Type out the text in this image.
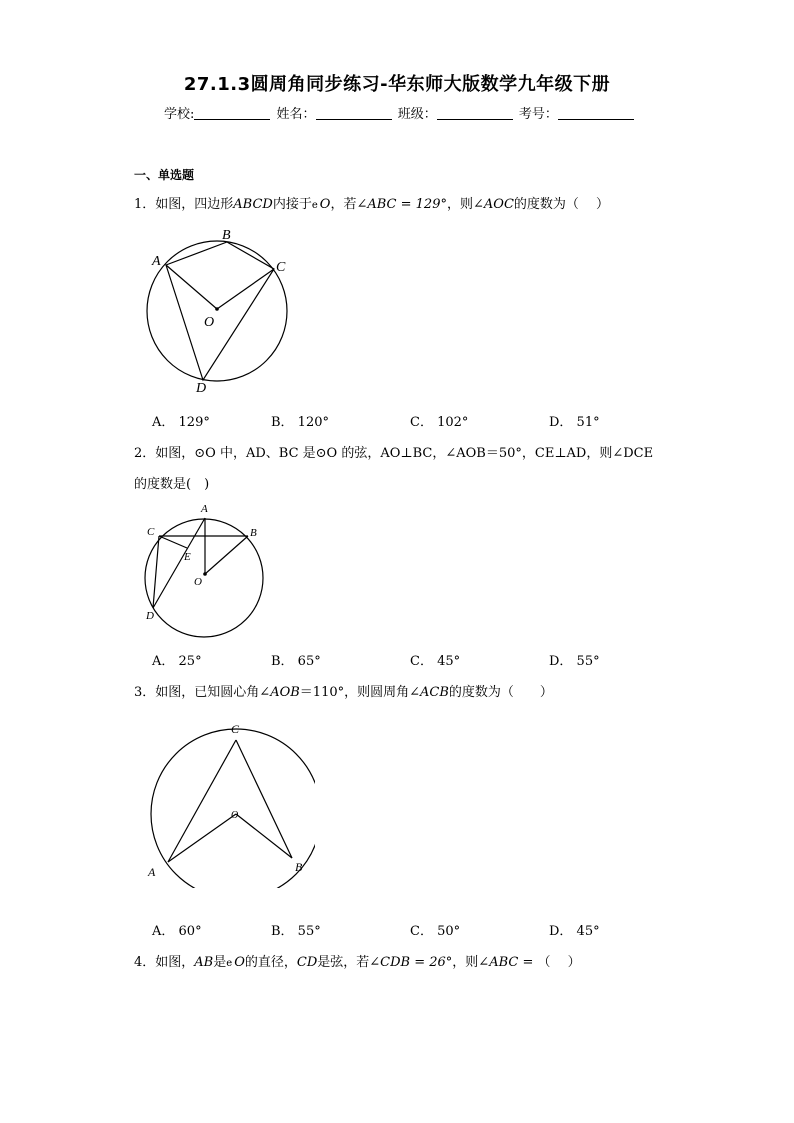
27.1.3圆周角同步练习-华东师大版数学九年级下册
学校:	姓名：	班级：	考号：
一、单选题
1．如图，四边形ABCD内接于e O，若∠ABC = 129°，则∠AOC的度数为（　 ）
A
B
C
D
O
A． 129°	B． 120°	C． 102°	D． 51°
2．如图，⊙O 中，AD、BC 是⊙O 的弦，AO⊥BC，∠AOB＝50°，CE⊥AD，则∠DCE
的度数是(　)
A
B
C
D
E
O
A． 25°	B． 65°	C． 45°	D． 55°
3．如图，已知圆心角∠AOB＝110°，则圆周角∠ACB的度数为（　　）
A	B
C
O
A． 60°	B． 55°	C． 50°	D． 45°
4．如图，AB是e O的直径，CD是弦，若∠CDB = 26°，则∠ABC = （　 ）
